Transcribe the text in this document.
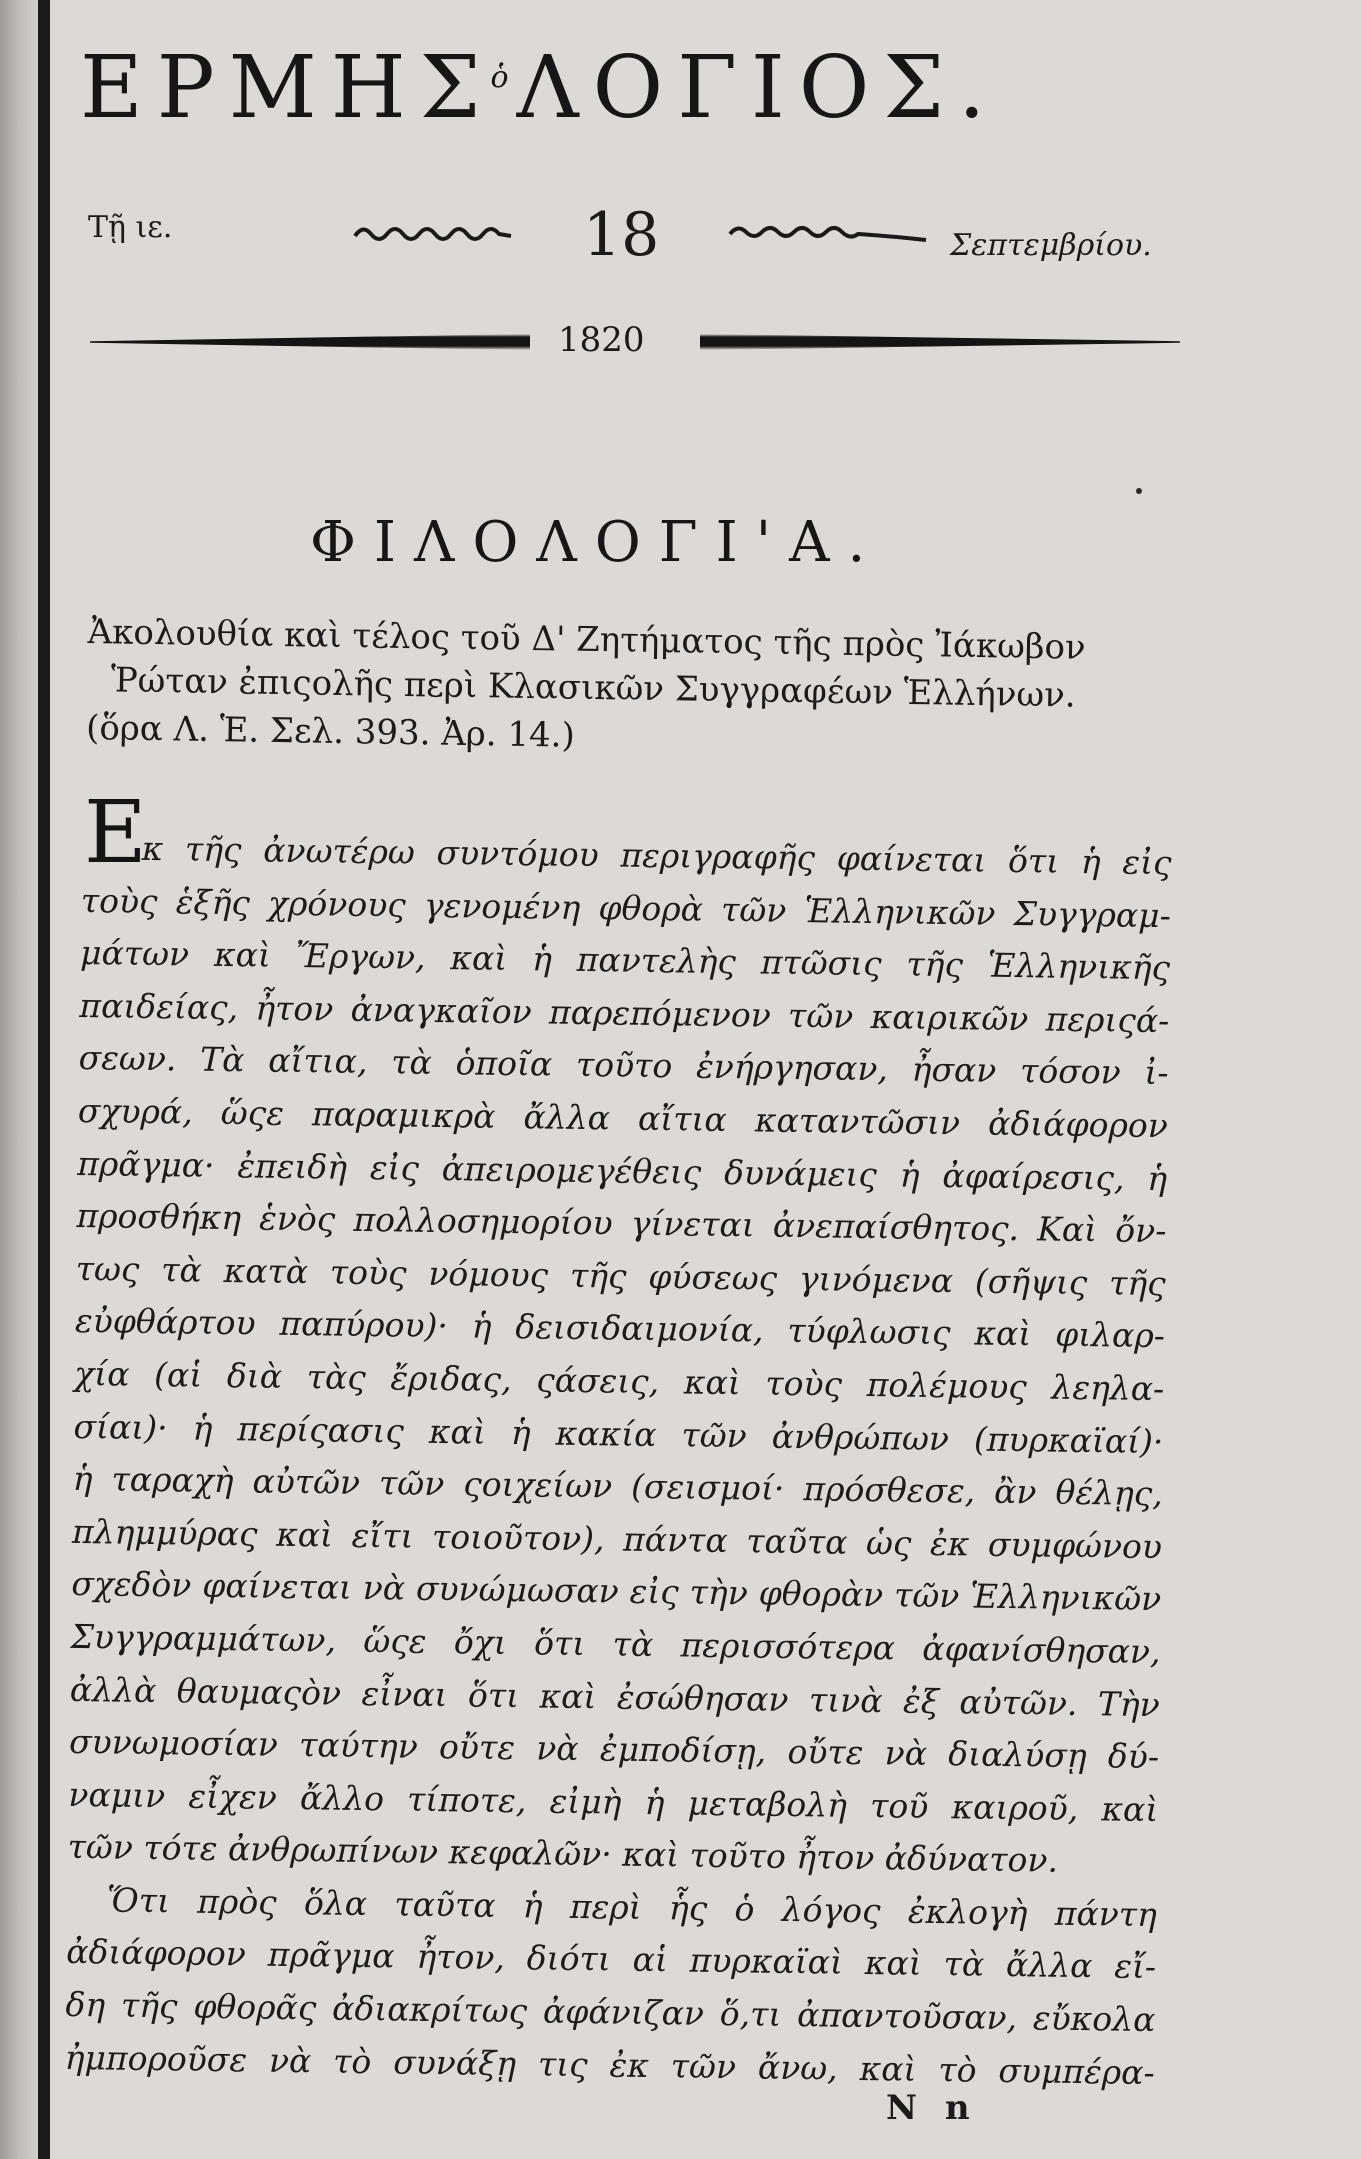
$EPMH\Sigma^ὁ\Lambda O\Gamma IO\Sigma$.
Τῇ ιε.	18	Σεπτεμβρίου.
1820
ΦΙΛΟΛΟΓΙ'Α.
Ἀκολουθία καὶ τέλος τοῦ Δ' Ζητήματος τῆς πρὸς Ἰάκωβον
Ῥώταν ἐπιςολῆς περὶ Κλασικῶν Συγγραφέων Ἑλλήνων.
(ὅρα Λ. Ἑ. Σελ. 393. Ἀρ. 14.)
Ε
κ τῆς ἀνωτέρω συντόμου περιγραφῆς φαίνεται ὅτι ἡ εἰς
τοὺς ἑξῆς χρόνους γενομένη φθορὰ τῶν Ἑλληνικῶν Συγγραμ-
μάτων καὶ Ἔργων, καὶ ἡ παντελὴς πτῶσις τῆς Ἑλληνικῆς
παιδείας, ἦτον ἀναγκαῖον παρεπόμενον τῶν καιρικῶν περιςά-
σεων. Τὰ αἴτια, τὰ ὁποῖα τοῦτο ἐνήργησαν, ἦσαν τόσον ἰ-
σχυρά, ὥςε παραμικρὰ ἄλλα αἴτια καταντῶσιν ἀδιάφορον
πρᾶγμα· ἐπειδὴ εἰς ἀπειρομεγέθεις δυνάμεις ἡ ἀφαίρεσις, ἡ
προσθήκη ἑνὸς πολλοσημορίου γίνεται ἀνεπαίσθητος. Καὶ ὄν-
τως τὰ κατὰ τοὺς νόμους τῆς φύσεως γινόμενα (σῆψις τῆς
εὐφθάρτου παπύρου)· ἡ δεισιδαιμονία, τύφλωσις καὶ φιλαρ-
χία (αἱ διὰ τὰς ἔριδας, ςάσεις, καὶ τοὺς πολέμους λεηλα-
σίαι)· ἡ περίςασις καὶ ἡ κακία τῶν ἀνθρώπων (πυρκαϊαί)·
ἡ ταραχὴ αὐτῶν τῶν ςοιχείων (σεισμοί· πρόσθεσε, ἂν θέλῃς,
πλημμύρας καὶ εἴτι τοιοῦτον), πάντα ταῦτα ὡς ἐκ συμφώνου
σχεδὸν φαίνεται νὰ συνώμωσαν εἰς τὴν φθορὰν τῶν Ἑλληνικῶν
Συγγραμμάτων, ὥςε ὄχι ὅτι τὰ περισσότερα ἀφανίσθησαν,
ἀλλὰ θαυμαςὸν εἶναι ὅτι καὶ ἐσώθησαν τινὰ ἐξ αὐτῶν. Τὴν
συνωμοσίαν ταύτην οὔτε νὰ ἐμποδίσῃ, οὔτε νὰ διαλύσῃ δύ-
ναμιν εἶχεν ἄλλο τίποτε, εἰμὴ ἡ μεταβολὴ τοῦ καιροῦ, καὶ
τῶν τότε ἀνθρωπίνων κεφαλῶν· καὶ τοῦτο ἦτον ἀδύνατον.
Ὅτι πρὸς ὅλα ταῦτα ἡ περὶ ἧς ὁ λόγος ἐκλογὴ πάντη
ἀδιάφορον πρᾶγμα ἦτον, διότι αἱ πυρκαϊαὶ καὶ τὰ ἄλλα εἴ-
δη τῆς φθορᾶς ἀδιακρίτως ἀφάνιζαν ὅ,τι ἀπαντοῦσαν, εὔκολα
ἠμποροῦσε νὰ τὸ συνάξῃ τις ἐκ τῶν ἄνω, καὶ τὸ συμπέρα-
N n
